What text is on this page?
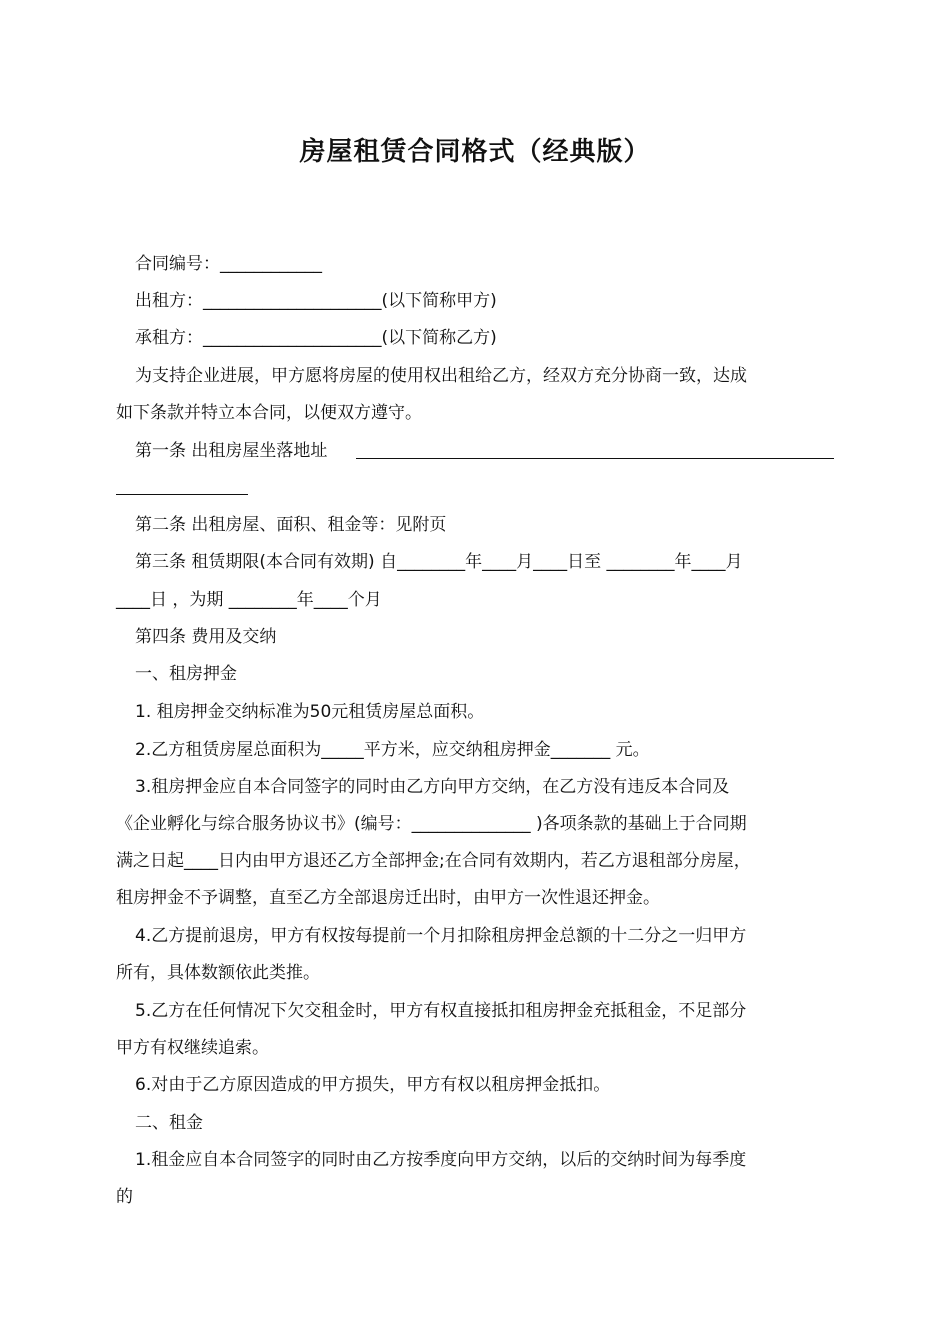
房屋租赁合同格式（经典版）
合同编号：____________
出租方：_____________________(以下简称甲方)
承租方：_____________________(以下简称乙方)
为支持企业进展，甲方愿将房屋的使用权出租给乙方，经双方充分协商一致，达成
如下条款并特立本合同，以便双方遵守。
第一条 出租房屋坐落地址
第二条 出租房屋、面积、租金等：见附页
第三条 租赁期限(本合同有效期) 自________年____月____日至 ________年____月
____日 ，为期 ________年____个月
第四条 费用及交纳
一、租房押金
1. 租房押金交纳标准为50元租赁房屋总面积。
2.乙方租赁房屋总面积为_____平方米，应交纳租房押金_______ 元。
3.租房押金应自本合同签字的同时由乙方向甲方交纳，在乙方没有违反本合同及
《企业孵化与综合服务协议书》(编号：______________ )各项条款的基础上于合同期
满之日起____日内由甲方退还乙方全部押金;在合同有效期内，若乙方退租部分房屋，
租房押金不予调整，直至乙方全部退房迁出时，由甲方一次性退还押金。
4.乙方提前退房，甲方有权按每提前一个月扣除租房押金总额的十二分之一归甲方
所有，具体数额依此类推。
5.乙方在任何情况下欠交租金时，甲方有权直接抵扣租房押金充抵租金，不足部分
甲方有权继续追索。
6.对由于乙方原因造成的甲方损失，甲方有权以租房押金抵扣。
二、租金
1.租金应自本合同签字的同时由乙方按季度向甲方交纳，以后的交纳时间为每季度
的
